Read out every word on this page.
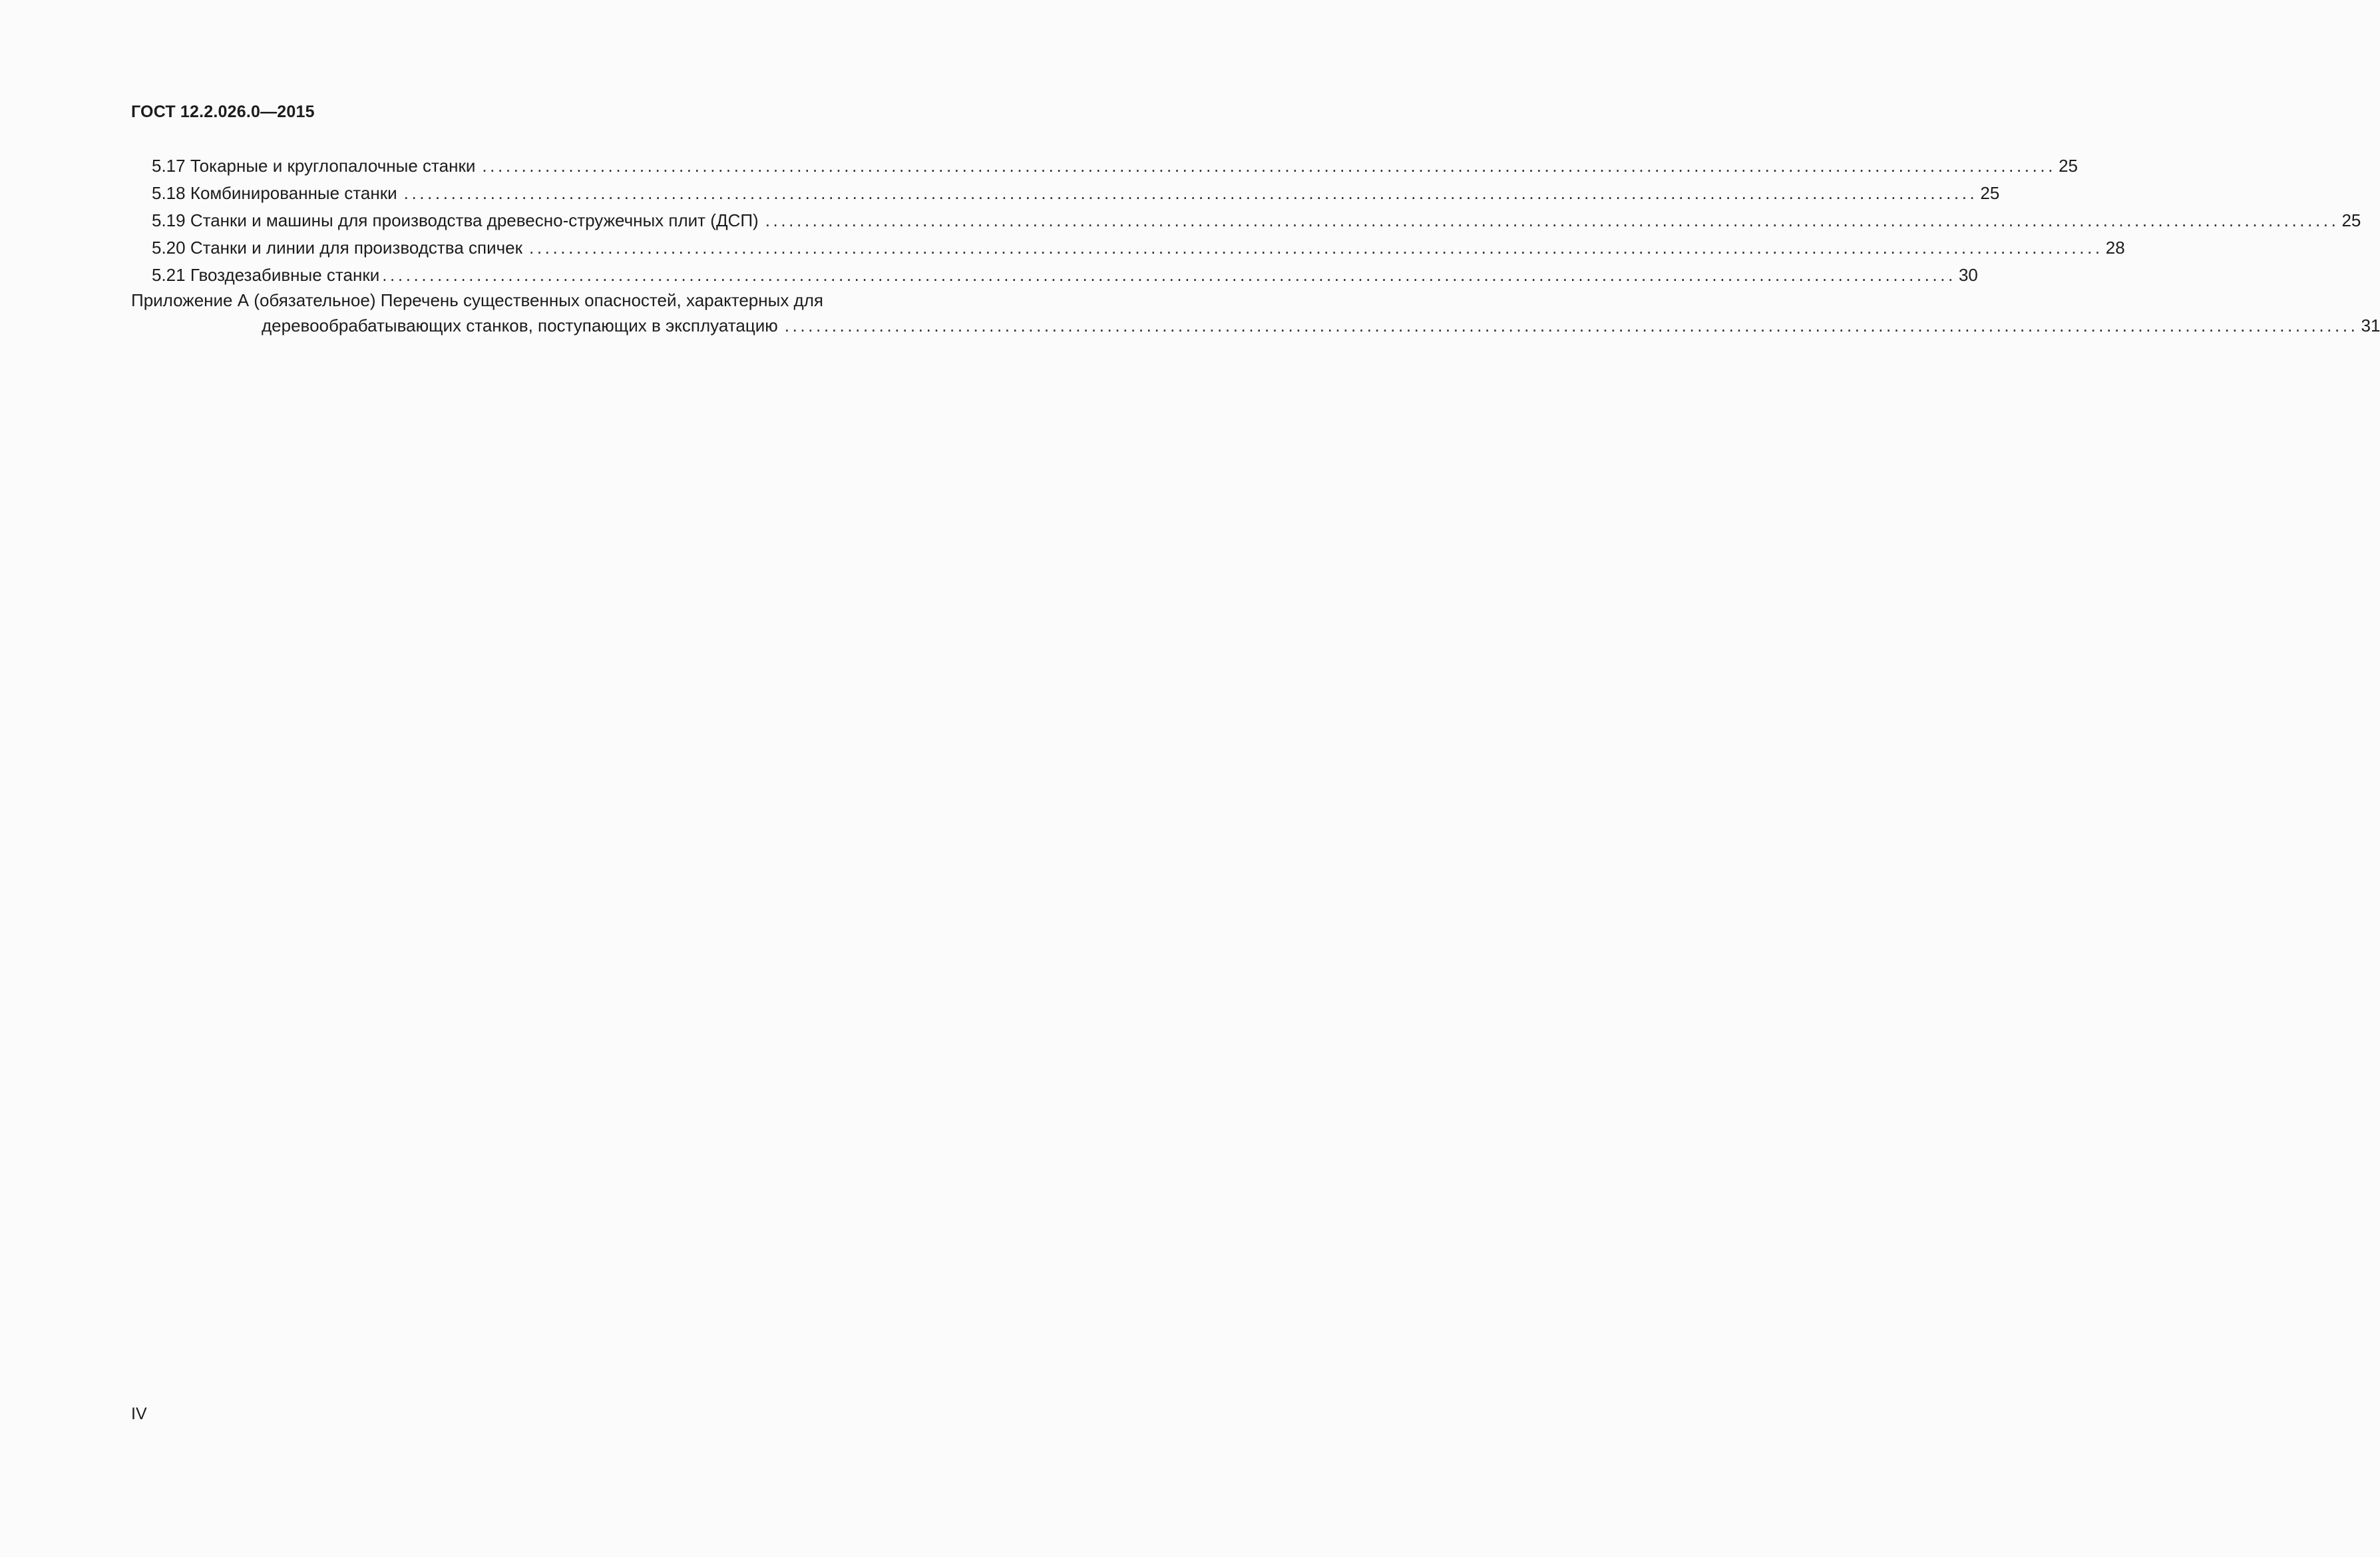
ГОСТ 12.2.026.0—2015
5.17 Токарные и круглопалочные станки ........................................................................................................................................................................................................ 25
5.18 Комбинированные станки ........................................................................................................................................................................................................ 25
5.19 Станки и машины для производства древесно-стружечных плит (ДСП) ........................................................................................................................................................................................................ 25
5.20 Станки и линии для производства спичек ........................................................................................................................................................................................................ 28
5.21 Гвоздезабивные станки ........................................................................................................................................................................................................ 30
Приложение А (обязательное) Перечень существенных опасностей, характерных для
деревообрабатывающих станков, поступающих в эксплуатацию ........................................................................................................................................................................................................ 31
IV
